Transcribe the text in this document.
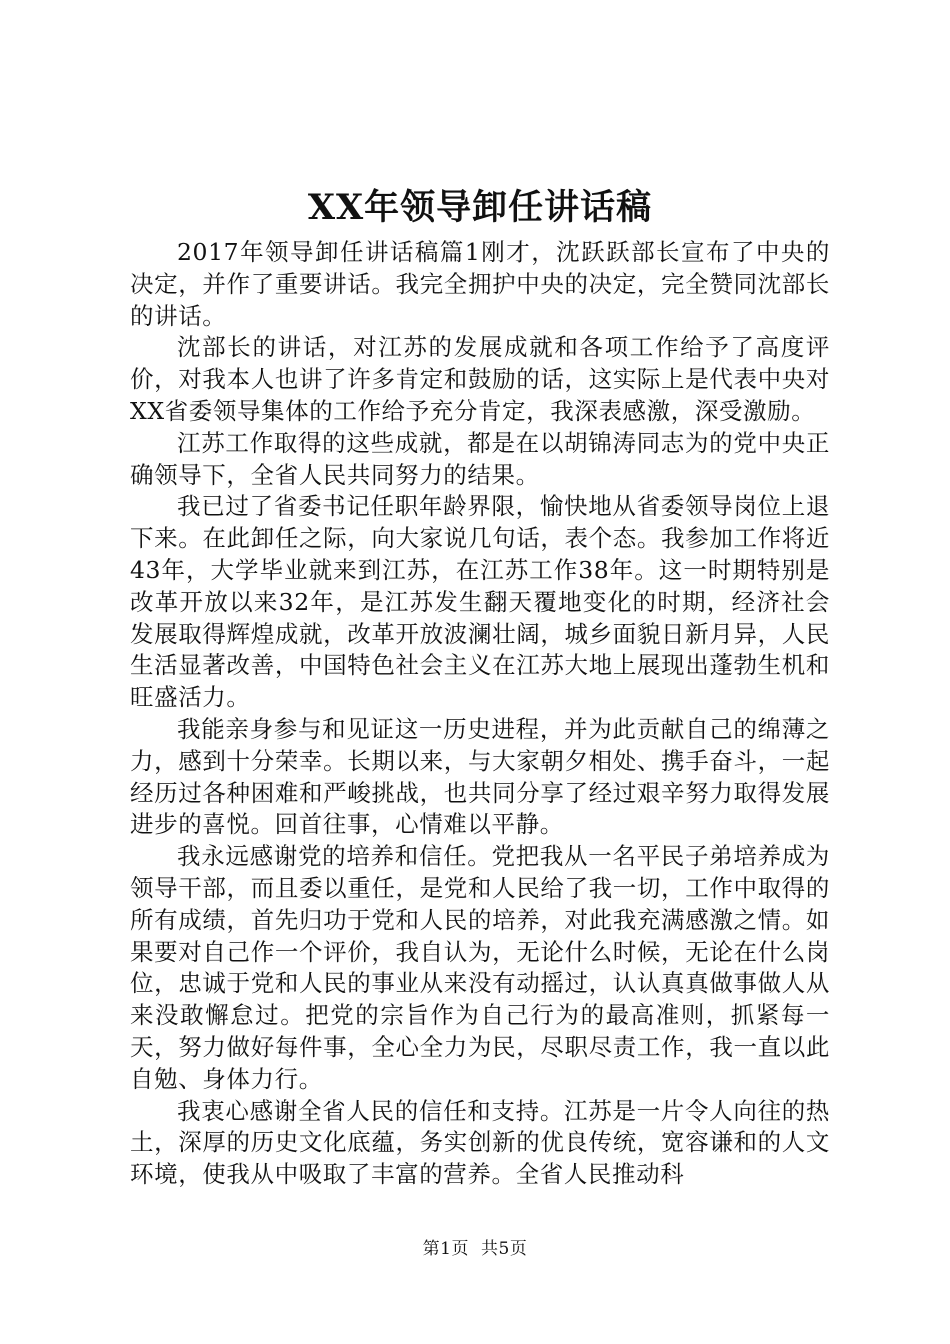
XX年领导卸任讲话稿

2017年领导卸任讲话稿篇1刚才，沈跃跃部长宣布了中央的决定，并作了重要讲话。我完全拥护中央的决定，完全赞同沈部长的讲话。

沈部长的讲话，对江苏的发展成就和各项工作给予了高度评价，对我本人也讲了许多肯定和鼓励的话，这实际上是代表中央对XX省委领导集体的工作给予充分肯定，我深表感激，深受激励。

江苏工作取得的这些成就，都是在以胡锦涛同志为的党中央正确领导下，全省人民共同努力的结果。

我已过了省委书记任职年龄界限，愉快地从省委领导岗位上退下来。在此卸任之际，向大家说几句话，表个态。我参加工作将近43年，大学毕业就来到江苏，在江苏工作38年。这一时期特别是改革开放以来32年，是江苏发生翻天覆地变化的时期，经济社会发展取得辉煌成就，改革开放波澜壮阔，城乡面貌日新月异，人民生活显著改善，中国特色社会主义在江苏大地上展现出蓬勃生机和旺盛活力。

我能亲身参与和见证这一历史进程，并为此贡献自己的绵薄之力，感到十分荣幸。长期以来，与大家朝夕相处、携手奋斗，一起经历过各种困难和严峻挑战，也共同分享了经过艰辛努力取得发展进步的喜悦。回首往事，心情难以平静。

我永远感谢党的培养和信任。党把我从一名平民子弟培养成为领导干部，而且委以重任，是党和人民给了我一切，工作中取得的所有成绩，首先归功于党和人民的培养，对此我充满感激之情。如果要对自己作一个评价，我自认为，无论什么时候，无论在什么岗位，忠诚于党和人民的事业从来没有动摇过，认认真真做事做人从来没敢懈怠过。把党的宗旨作为自己行为的最高准则，抓紧每一天，努力做好每件事，全心全力为民，尽职尽责工作，我一直以此自勉、身体力行。

我衷心感谢全省人民的信任和支持。江苏是一片令人向往的热土，深厚的历史文化底蕴，务实创新的优良传统，宽容谦和的人文环境，使我从中吸取了丰富的营养。全省人民推动科

第1页 共5页
